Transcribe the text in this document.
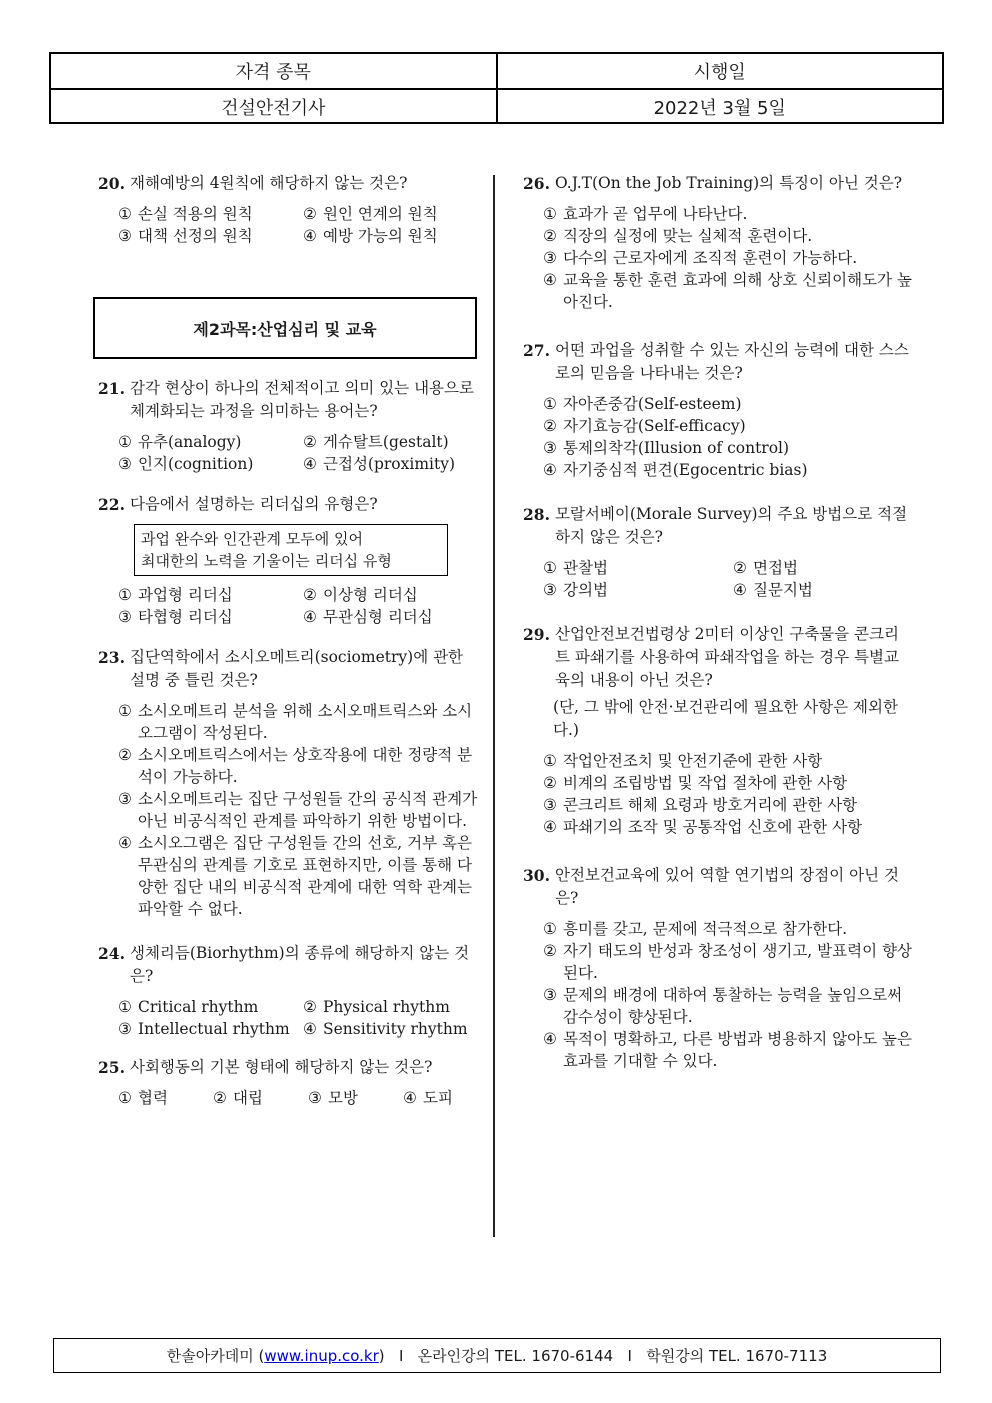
자격 종목	시행일
건설안전기사	2022년 3월 5일
20. 재해예방의 4원칙에 해당하지 않는 것은?
① 손실 적용의 원칙	② 원인 연계의 원칙
③ 대책 선정의 원칙	④ 예방 가능의 원칙
제2과목:산업심리 및 교육
21. 감각 현상이 하나의 전체적이고 의미 있는 내용으로 체계화되는 과정을 의미하는 용어는?
① 유추(analogy)	② 게슈탈트(gestalt)
③ 인지(cognition)	④ 근접성(proximity)
22. 다음에서 설명하는 리더십의 유형은?
과업 완수와 인간관계 모두에 있어
최대한의 노력을 기울이는 리더십 유형
① 과업형 리더십	② 이상형 리더십
③ 타협형 리더십	④ 무관심형 리더십
23. 집단역학에서 소시오메트리(sociometry)에 관한 설명 중 틀린 것은?
① 소시오메트리 분석을 위해 소시오매트릭스와 소시오그램이 작성된다.
② 소시오메트릭스에서는 상호작용에 대한 정량적 분석이 가능하다.
③ 소시오메트리는 집단 구성원들 간의 공식적 관계가 아닌 비공식적인 관계를 파악하기 위한 방법이다.
④ 소시오그램은 집단 구성원들 간의 선호, 거부 혹은 무관심의 관계를 기호로 표현하지만, 이를 통해 다양한 집단 내의 비공식적 관계에 대한 역학 관계는 파악할 수 없다.
24. 생체리듬(Biorhythm)의 종류에 해당하지 않는 것은?
① Critical rhythm	② Physical rhythm
③ Intellectual rhythm ④ Sensitivity rhythm
25. 사회행동의 기본 형태에 해당하지 않는 것은?
① 협력	② 대립	③ 모방	④ 도피
26. O.J.T(On the Job Training)의 특징이 아닌 것은?
① 효과가 곧 업무에 나타난다.
② 직장의 실정에 맞는 실체적 훈련이다.
③ 다수의 근로자에게 조직적 훈련이 가능하다.
④ 교육을 통한 훈련 효과에 의해 상호 신뢰이해도가 높아진다.
27. 어떤 과업을 성취할 수 있는 자신의 능력에 대한 스스로의 믿음을 나타내는 것은?
① 자아존중감(Self-esteem)
② 자기효능감(Self-efficacy)
③ 통제의착각(Illusion of control)
④ 자기중심적 편견(Egocentric bias)
28. 모랄서베이(Morale Survey)의 주요 방법으로 적절하지 않은 것은?
① 관찰법	② 면접법
③ 강의법	④ 질문지법
29. 산업안전보건법령상 2미터 이상인 구축물을 콘크리트 파쇄기를 사용하여 파쇄작업을 하는 경우 특별교육의 내용이 아닌 것은?
(단, 그 밖에 안전·보건관리에 필요한 사항은 제외한다.)
① 작업안전조치 및 안전기준에 관한 사항
② 비계의 조립방법 및 작업 절차에 관한 사항
③ 콘크리트 해체 요령과 방호거리에 관한 사항
④ 파쇄기의 조작 및 공통작업 신호에 관한 사항
30. 안전보건교육에 있어 역할 연기법의 장점이 아닌 것은?
① 흥미를 갖고, 문제에 적극적으로 참가한다.
② 자기 태도의 반성과 창조성이 생기고, 발표력이 향상된다.
③ 문제의 배경에 대하여 통찰하는 능력을 높임으로써 감수성이 향상된다.
④ 목적이 명확하고, 다른 방법과 병용하지 않아도 높은 효과를 기대할 수 있다.
한솔아카데미 ( www.inup.co.kr )   I   온라인강의 TEL. 1670-6144   I   학원강의 TEL. 1670-7113
